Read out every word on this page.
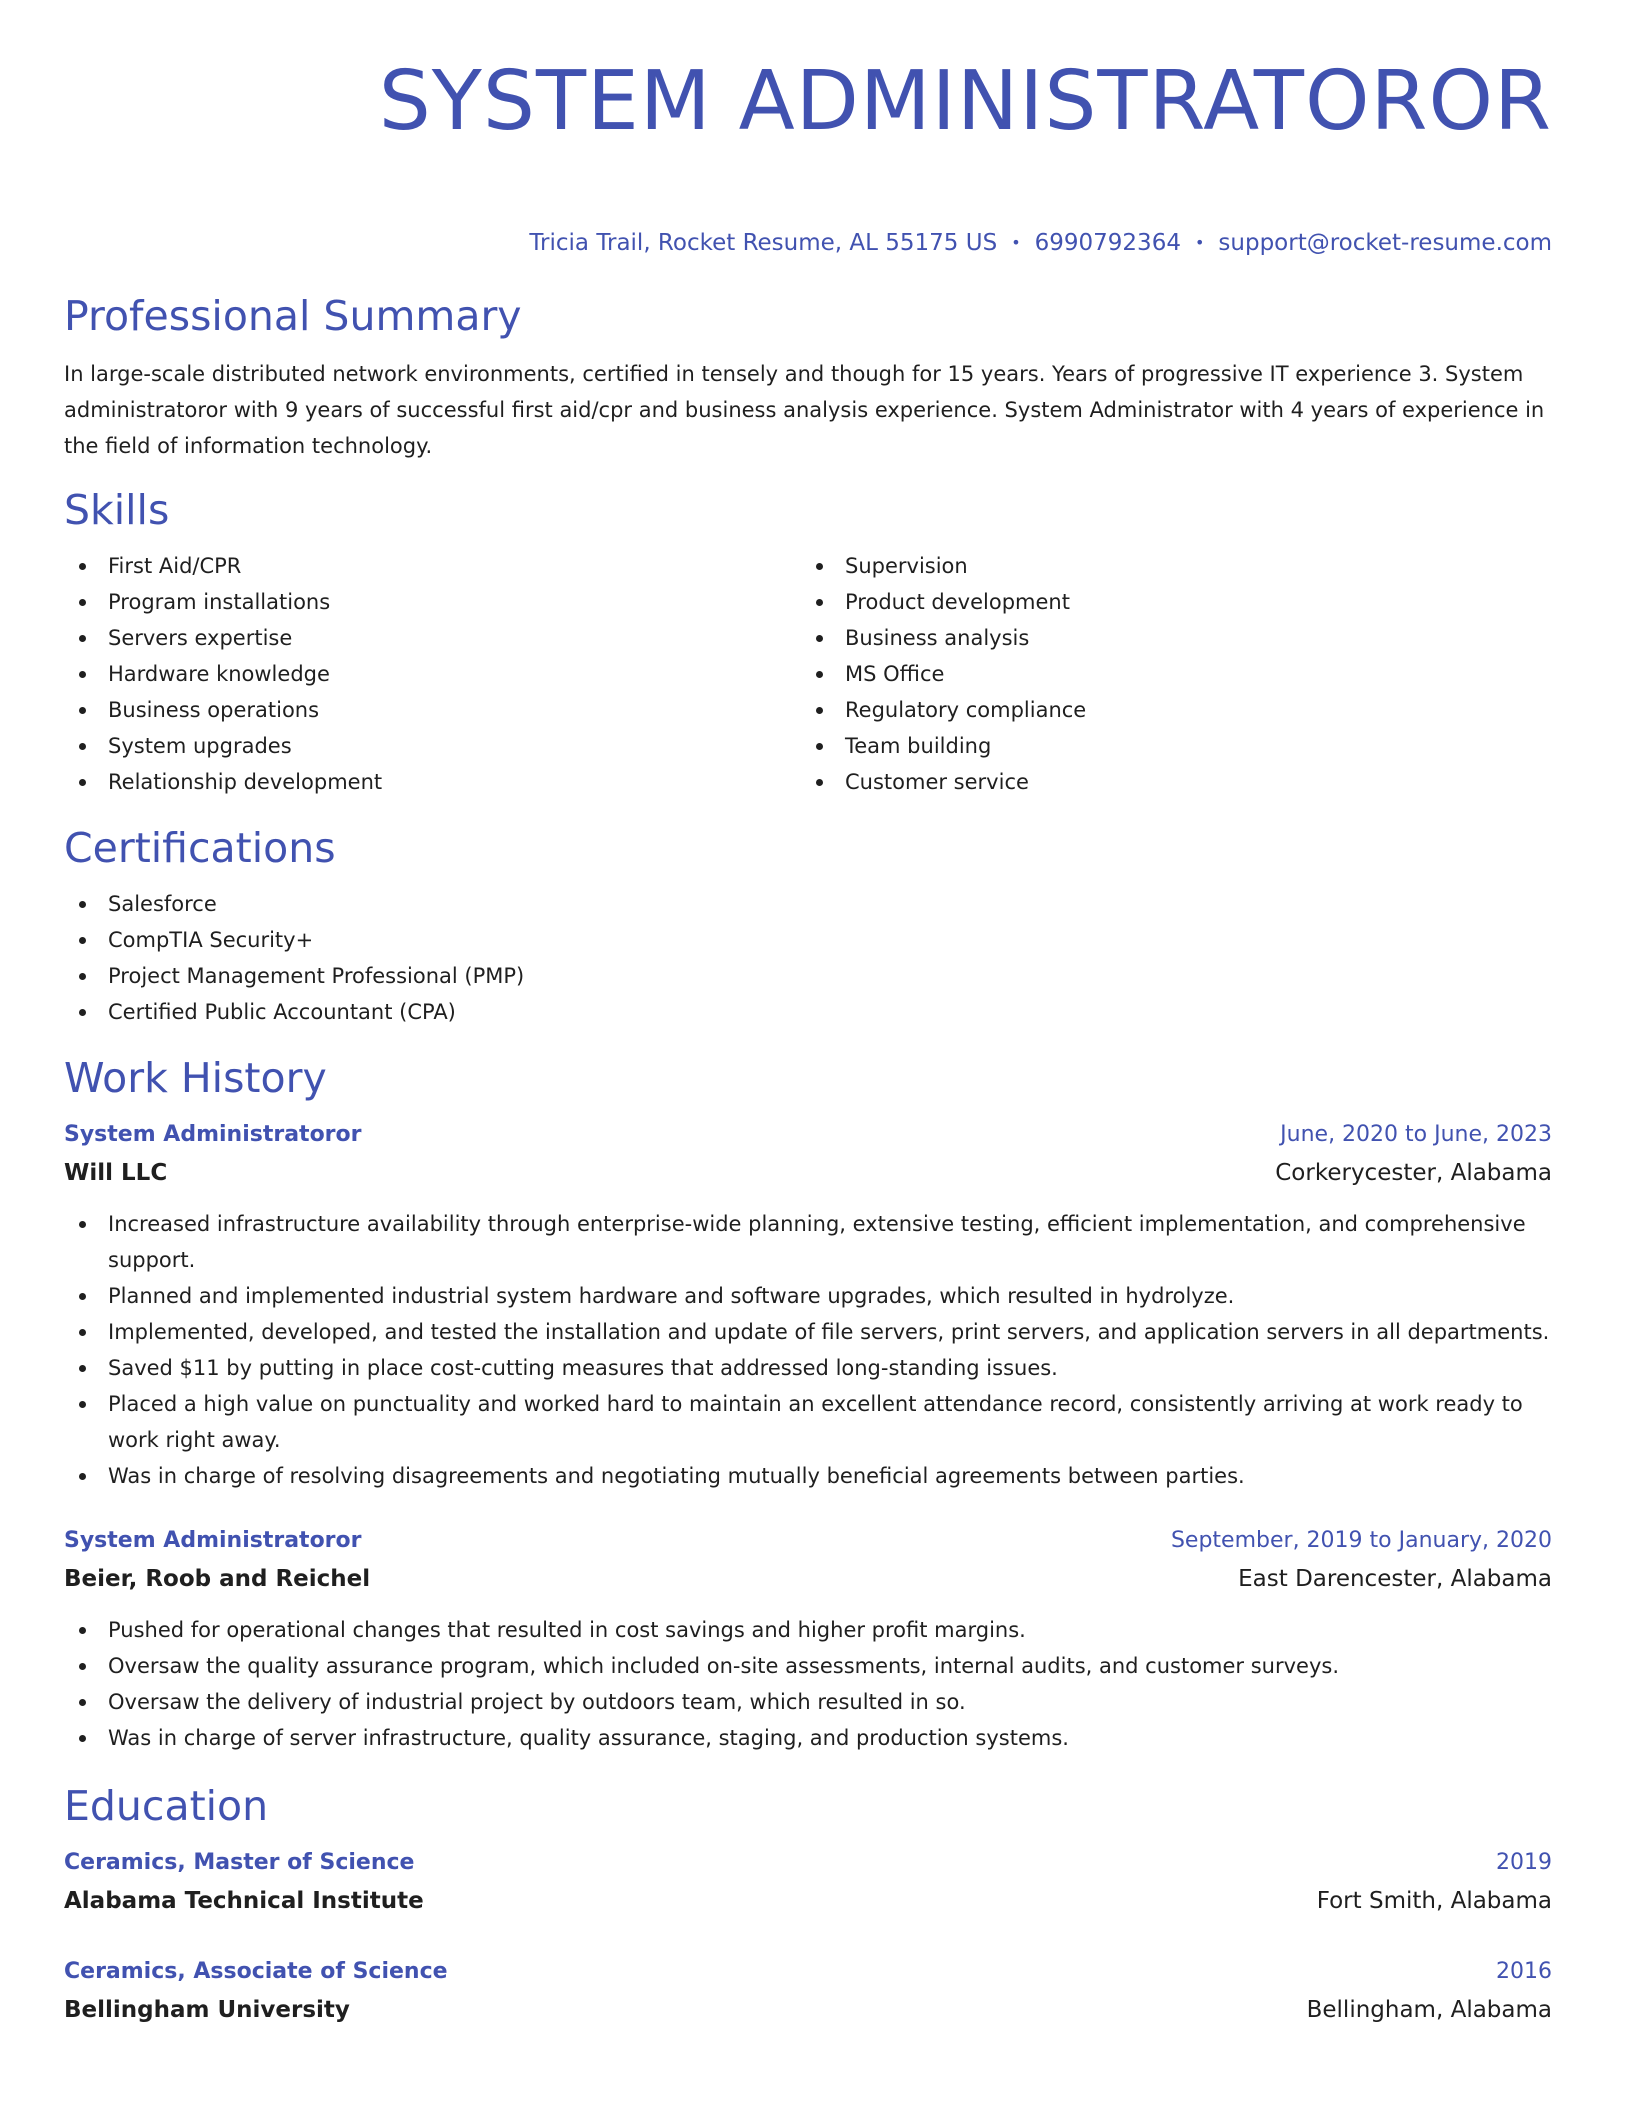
SYSTEM ADMINISTRATOROR
Tricia Trail, Rocket Resume, AL 55175 US • 6990792364 • support@rocket-resume.com
Professional Summary

In large-scale distributed network environments, certified in tensely and though for 15 years. Years of progressive IT experience 3. System administratoror with 9 years of successful first aid/cpr and business analysis experience. System Administrator with 4 years of experience in the field of information technology.

Skills
First Aid/CPR
Program installations
Servers expertise
Hardware knowledge
Business operations
System upgrades
Relationship development
Supervision
Product development
Business analysis
MS Office
Regulatory compliance
Team building
Customer service
Certifications
Salesforce
CompTIA Security+
Project Management Professional (PMP)
Certified Public Accountant (CPA)
Work History
System Administratoror	June, 2020 to June, 2023
Will LLC	Corkerycester, Alabama
Increased infrastructure availability through enterprise-wide planning, extensive testing, efficient implementation, and comprehensive support.
Planned and implemented industrial system hardware and software upgrades, which resulted in hydrolyze.
Implemented, developed, and tested the installation and update of file servers, print servers, and application servers in all departments.
Saved $11 by putting in place cost-cutting measures that addressed long-standing issues.
Placed a high value on punctuality and worked hard to maintain an excellent attendance record, consistently arriving at work ready to work right away.
Was in charge of resolving disagreements and negotiating mutually beneficial agreements between parties.
System Administratoror	September, 2019 to January, 2020
Beier, Roob and Reichel	East Darencester, Alabama
Pushed for operational changes that resulted in cost savings and higher profit margins.
Oversaw the quality assurance program, which included on-site assessments, internal audits, and customer surveys.
Oversaw the delivery of industrial project by outdoors team, which resulted in so.
Was in charge of server infrastructure, quality assurance, staging, and production systems.
Education
Ceramics, Master of Science	2019
Alabama Technical Institute	Fort Smith, Alabama
Ceramics, Associate of Science	2016
Bellingham University	Bellingham, Alabama
